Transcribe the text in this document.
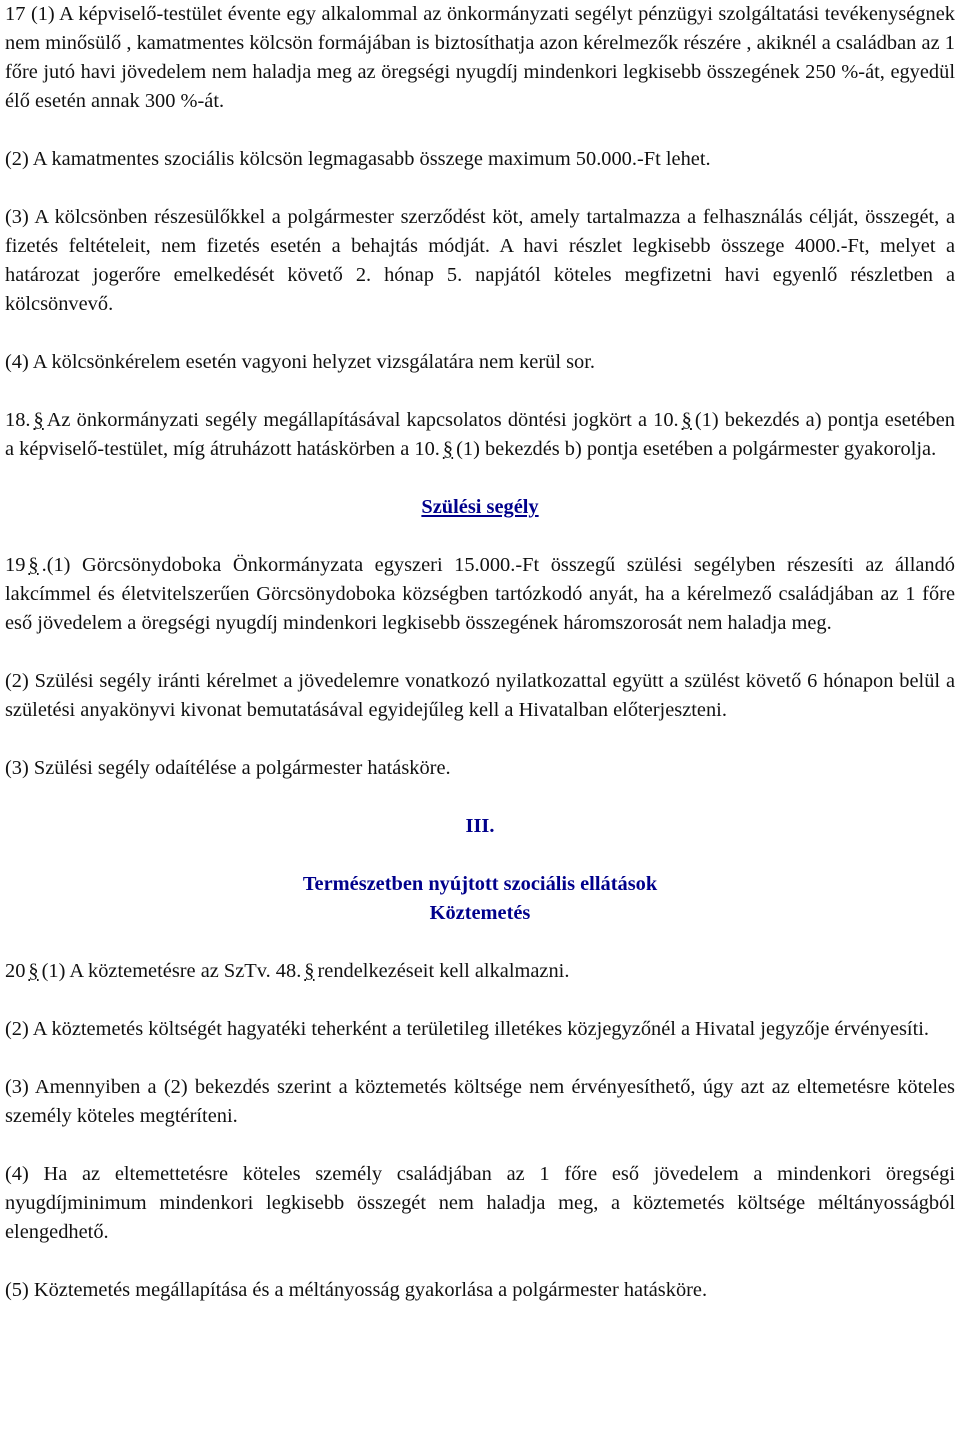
17 (1) A képviselő-testület évente egy alkalommal az önkormányzati segélyt pénzügyi szolgáltatási tevékenységnek nem minősülő , kamatmentes kölcsön formájában is biztosíthatja azon kérelmezők részére , akiknél a családban az 1 főre jutó havi jövedelem nem haladja meg az öregségi nyugdíj mindenkori legkisebb összegének 250 %-át, egyedül élő esetén annak 300 %-át.

(2) A kamatmentes szociális kölcsön legmagasabb összege maximum 50.000.-Ft lehet.

(3) A kölcsönben részesülőkkel a polgármester szerződést köt, amely tartalmazza a felhasználás célját, összegét, a fizetés feltételeit, nem fizetés esetén a behajtás módját. A havi részlet legkisebb összege 4000.-Ft, melyet a határozat jogerőre emelkedését követő 2. hónap 5. napjától köteles megfizetni havi egyenlő részletben a kölcsönvevő.

(4) A kölcsönkérelem esetén vagyoni helyzet vizsgálatára nem kerül sor.

18. § Az önkormányzati segély megállapításával kapcsolatos döntési jogkört a 10. § (1) bekezdés a) pontja esetében a képviselő-testület, míg átruházott hatáskörben a 10. § (1) bekezdés b) pontja esetében a polgármester gyakorolja.

Szülési segély

19 § .(1) Görcsönydoboka Önkormányzata egyszeri 15.000.-Ft összegű szülési segélyben részesíti az állandó lakcímmel és életvitelszerűen Görcsönydoboka községben tartózkodó anyát, ha a kérelmező családjában az 1 főre eső jövedelem a öregségi nyugdíj mindenkori legkisebb összegének háromszorosát nem haladja meg.

(2) Szülési segély iránti kérelmet a jövedelemre vonatkozó nyilatkozattal együtt a szülést követő 6 hónapon belül a születési anyakönyvi kivonat bemutatásával egyidejűleg kell a Hivatalban előterjeszteni.

(3) Szülési segély odaítélése a polgármester hatásköre.

III.

Természetben nyújtott szociális ellátások

Köztemetés

20 § (1) A köztemetésre az SzTv. 48. § rendelkezéseit kell alkalmazni.

(2) A köztemetés költségét hagyatéki teherként a területileg illetékes közjegyzőnél a Hivatal jegyzője érvényesíti.

(3) Amennyiben a (2) bekezdés szerint a köztemetés költsége nem érvényesíthető, úgy azt az eltemetésre köteles személy köteles megtéríteni.

(4) Ha az eltemettetésre köteles személy családjában az 1 főre eső jövedelem a mindenkori öregségi nyugdíjminimum mindenkori legkisebb összegét nem haladja meg, a köztemetés költsége méltányosságból elengedhető.

(5) Köztemetés megállapítása és a méltányosság gyakorlása a polgármester hatásköre.
